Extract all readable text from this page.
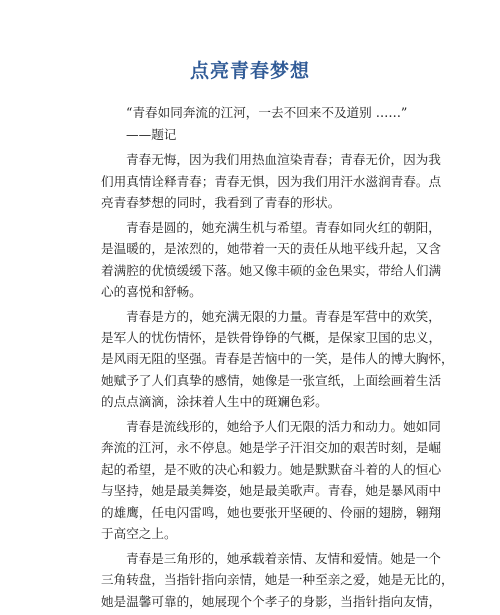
点亮青春梦想
“青春如同奔流的江河，一去不回来不及道别 ……”
——题记
青春无悔，因为我们用热血渲染青春；青春无价，因为我
们用真情诠释青春；青春无惧，因为我们用汗水滋润青春。点
亮青春梦想的同时，我看到了青春的形状。
青春是圆的，她充满生机与希望。青春如同火红的朝阳，
是温暖的，是浓烈的，她带着一天的责任从地平线升起，又含
着满腔的优愤缓缓下落。她又像丰硕的金色果实，带给人们满
心的喜悦和舒畅。
青春是方的，她充满无限的力量。青春是军营中的欢笑，
是军人的忧伤情怀，是铁骨铮铮的气概，是保家卫国的忠义，
是风雨无阻的坚强。青春是苦恼中的一笑，是伟人的博大胸怀，
她赋予了人们真挚的感情，她像是一张宣纸，上面绘画着生活
的点点滴滴，涂抹着人生中的斑斓色彩。
青春是流线形的，她给予人们无限的活力和动力。她如同
奔流的江河，永不停息。她是学子汗泪交加的艰苦时刻，是崛
起的希望，是不败的决心和毅力。她是默默奋斗着的人的恒心
与坚持，她是最美舞姿，她是最美歌声。青春，她是暴风雨中
的雄鹰，任电闪雷鸣，她也要张开坚硬的、伶丽的翅膀，翱翔
于高空之上。
青春是三角形的，她承载着亲情、友情和爱情。她是一个
三角转盘，当指针指向亲情，她是一种至亲之爱，她是无比的，
她是温馨可靠的，她展现个个孝子的身影，当指针指向友情，
